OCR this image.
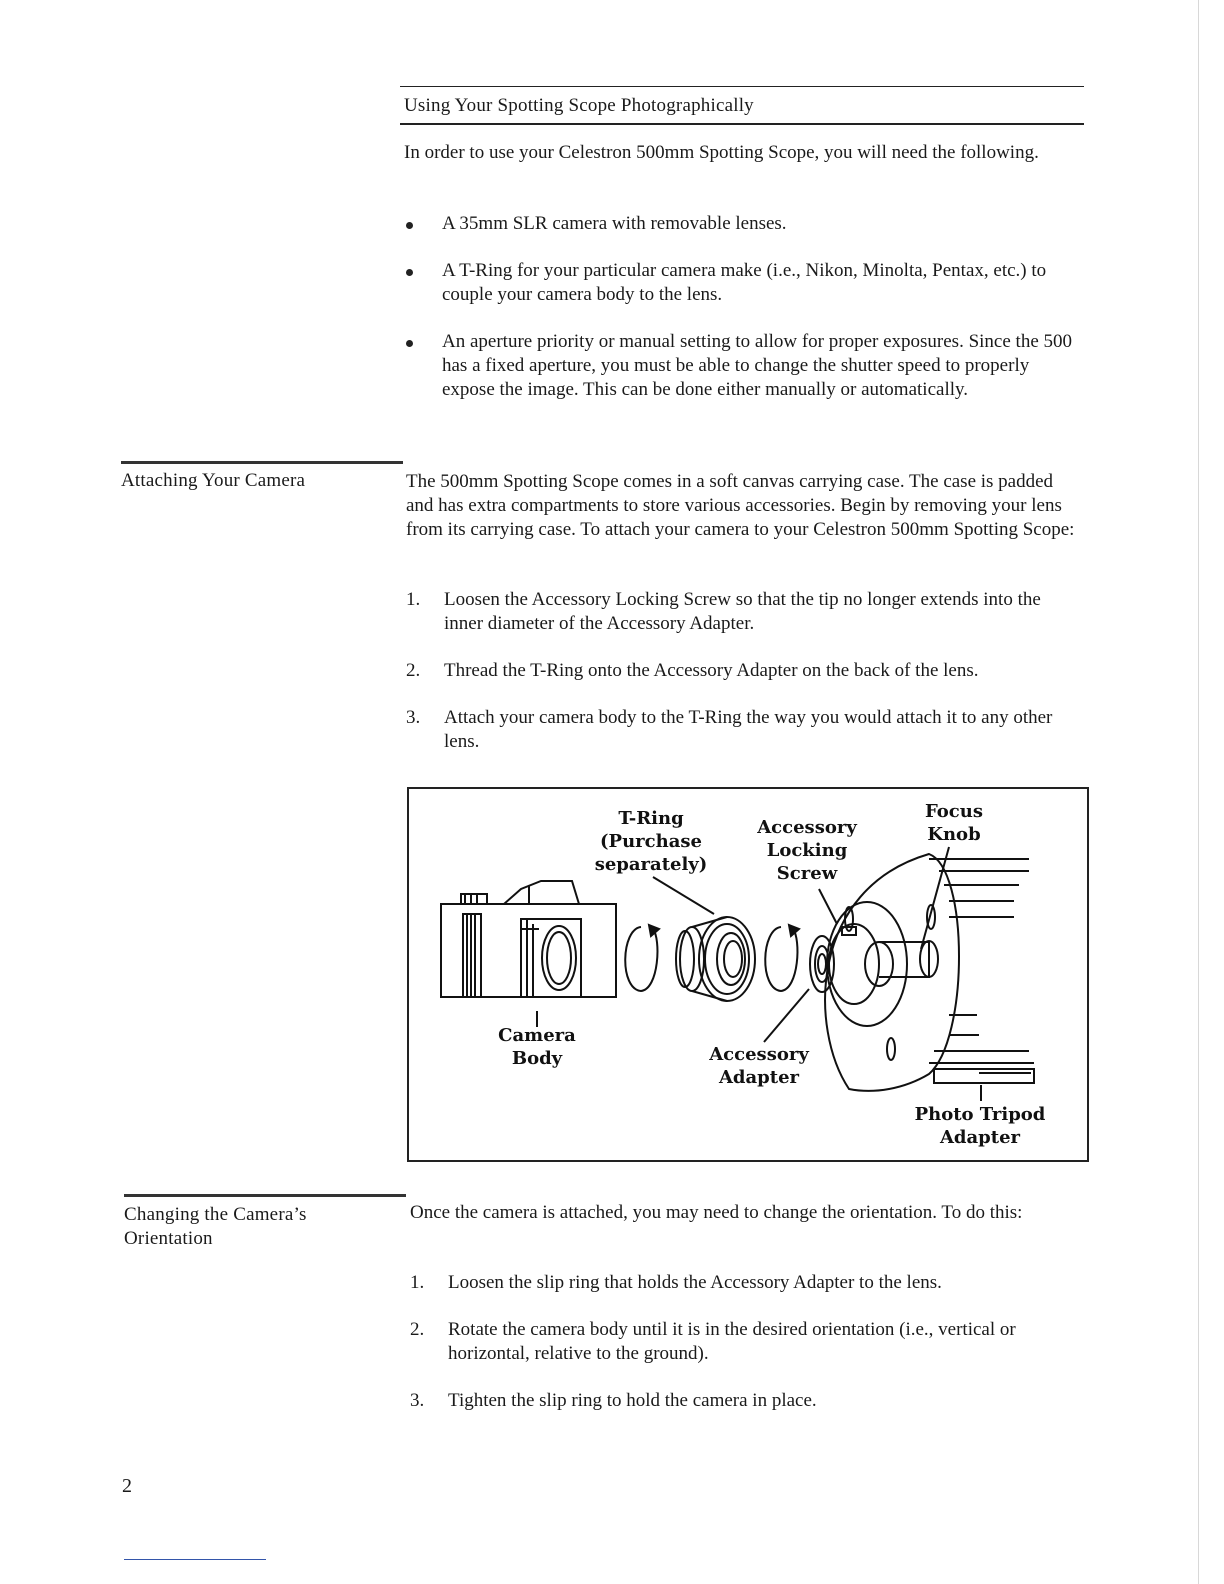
Using Your Spotting Scope Photographically
In order to use your Celestron 500mm Spotting Scope, you will need the following.
A 35mm SLR camera with removable lenses.
A T-Ring for your particular camera make (i.e., Nikon, Minolta, Pentax, etc.) to couple your camera body to the lens.
An aperture priority or manual setting to allow for proper exposures. Since the 500 has a fixed aperture, you must be able to change the shutter speed to properly expose the image. This can be done either manually or automatically.
Attaching Your Camera	The 500mm Spotting Scope comes in a soft canvas carrying case. The case is padded and has extra compartments to store various accessories. Begin by removing your lens from its carrying case. To attach your camera to your Celestron 500mm Spotting Scope:
1. Loosen the Accessory Locking Screw so that the tip no longer extends into the inner diameter of the Accessory Adapter.
2. Thread the T-Ring onto the Accessory Adapter on the back of the lens.
3. Attach your camera body to the T-Ring the way you would attach it to any other lens.
T-Ring
(Purchase
separately)
Accessory
Locking
Screw
Focus
Knob
Camera
Body	Accessory
Adapter
Photo Tripod
Adapter
Changing the Camera’s Orientation
Once the camera is attached, you may need to change the orientation. To do this:
1. Loosen the slip ring that holds the Accessory Adapter to the lens.
2. Rotate the camera body until it is in the desired orientation (i.e., vertical or horizontal, relative to the ground).
3. Tighten the slip ring to hold the camera in place.
2
